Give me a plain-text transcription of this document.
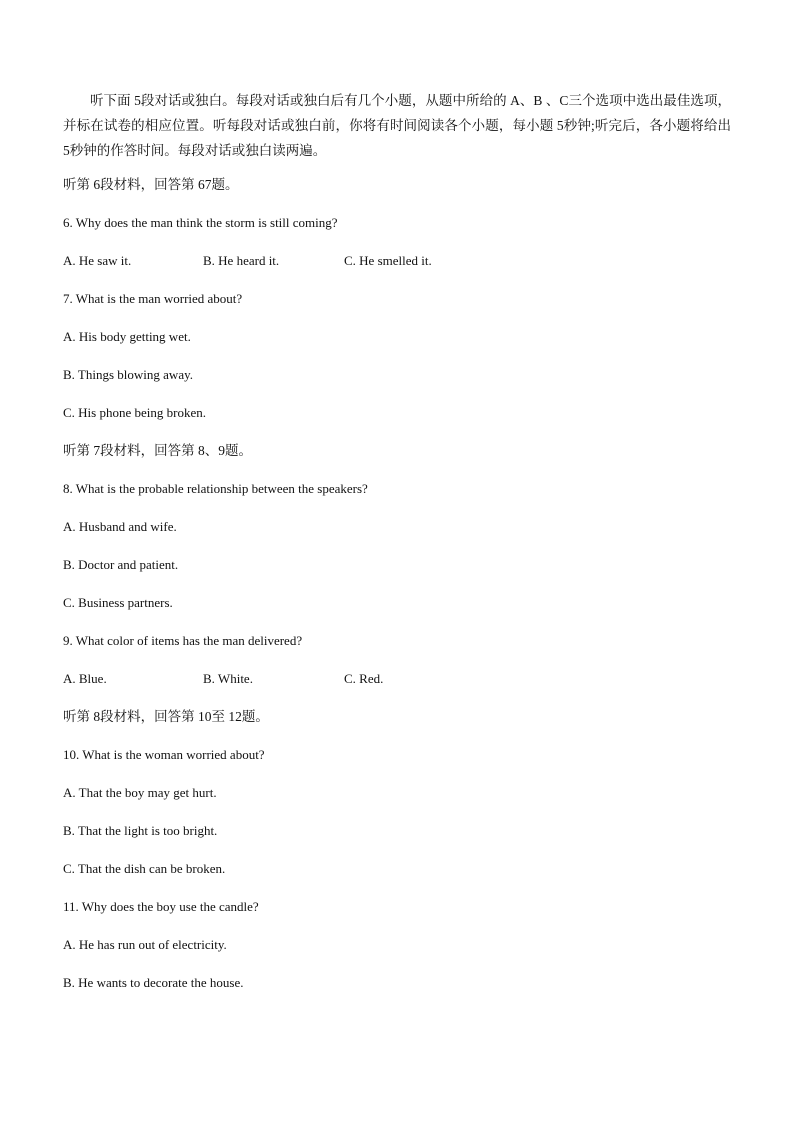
听下面 5段对话或独白。每段对话或独白后有几个小题，从题中所给的 A、B 、C三个选项中选出最佳选项，并标在试卷的相应位置。听每段对话或独白前，你将有时间阅读各个小题，每小题 5秒钟;听完后，各小题将给出 5秒钟的作答时间。每段对话或独白读两遍。

听第 6段材料，回答第 67题。
6. Why does the man think the storm is still coming?
A. He saw it.	B. He heard it.	C. He smelled it.
7. What is the man worried about?
A. His body getting wet.
B. Things blowing away.
C. His phone being broken.
听第 7段材料，回答第 8、9题。
8. What is the probable relationship between the speakers?
A. Husband and wife.
B. Doctor and patient.
C. Business partners.
9. What color of items has the man delivered?
A. Blue.	B. White.	C. Red.
听第 8段材料，回答第 10至 12题。
10. What is the woman worried about?
A. That the boy may get hurt.
B. That the light is too bright.
C. That the dish can be broken.
11. Why does the boy use the candle?
A. He has run out of electricity.
B. He wants to decorate the house.
